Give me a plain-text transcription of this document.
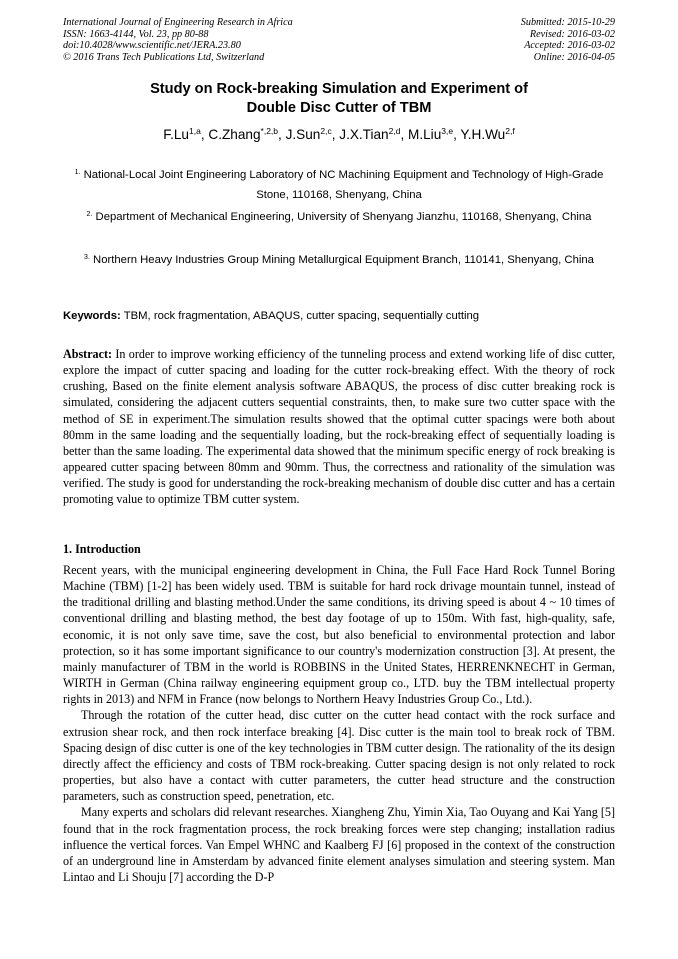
International Journal of Engineering Research in Africa
ISSN: 1663-4144, Vol. 23, pp 80-88
doi:10.4028/www.scientific.net/JERA.23.80
© 2016 Trans Tech Publications Ltd, Switzerland
Submitted: 2015-10-29
Revised: 2016-03-02
Accepted: 2016-03-02
Online: 2016-04-05
Study on Rock-breaking Simulation and Experiment of
Double Disc Cutter of TBM
F.Lu$^{1,a}$, C.Zhang$^{*,2,b}$, J.Sun$^{2,c}$, J.X.Tian$^{2,d}$, M.Liu$^{3,e}$, Y.H.Wu$^{2,f}$
$^{1.}$ National-Local Joint Engineering Laboratory of NC Machining Equipment and Technology of High-Grade Stone, 110168, Shenyang, China
$^{2.}$ Department of Mechanical Engineering, University of Shenyang Jianzhu, 110168, Shenyang, China
$^{3.}$ Northern Heavy Industries Group Mining Metallurgical Equipment Branch, 110141, Shenyang, China
Keywords: TBM, rock fragmentation, ABAQUS, cutter spacing, sequentially cutting
Abstract: In order to improve working efficiency of the tunneling process and extend working life of disc cutter, explore the impact of cutter spacing and loading for the cutter rock-breaking effect. With the theory of rock crushing, Based on the finite element analysis software ABAQUS, the process of disc cutter breaking rock is simulated, considering the adjacent cutters sequential constraints, then, to make sure two cutter space with the method of SE in experiment.The simulation results showed that the optimal cutter spacings were both about 80mm in the same loading and the sequentially loading, but the rock-breaking effect of sequentially loading is better than the same loading. The experimental data showed that the minimum specific energy of rock breaking is appeared cutter spacing between 80mm and 90mm. Thus, the correctness and rationality of the simulation was verified. The study is good for understanding the rock-breaking mechanism of double disc cutter and has a certain promoting value to optimize TBM cutter system.
1. Introduction

Recent years, with the municipal engineering development in China, the Full Face Hard Rock Tunnel Boring Machine (TBM) [1-2] has been widely used. TBM is suitable for hard rock drivage mountain tunnel, instead of the traditional drilling and blasting method.Under the same conditions, its driving speed is about 4 ~ 10 times of conventional drilling and blasting method, the best day footage of up to 150m. With fast, high-quality, safe, economic, it is not only save time, save the cost, but also beneficial to environmental protection and labor protection, so it has some important significance to our country's modernization construction [3]. At present, the mainly manufacturer of TBM in the world is ROBBINS in the United States, HERRENKNECHT in German, WIRTH in German (China railway engineering equipment group co., LTD. buy the TBM intellectual property rights in 2013) and NFM in France (now belongs to Northern Heavy Industries Group Co., Ltd.).

Through the rotation of the cutter head, disc cutter on the cutter head contact with the rock surface and extrusion shear rock, and then rock interface breaking [4]. Disc cutter is the main tool to break rock of TBM. Spacing design of disc cutter is one of the key technologies in TBM cutter design. The rationality of the its design directly affect the efficiency and costs of TBM rock-breaking. Cutter spacing design is not only related to rock properties, but also have a contact with cutter parameters, the cutter head structure and the construction parameters, such as construction speed, penetration, etc.

Many experts and scholars did relevant researches. Xiangheng Zhu, Yimin Xia, Tao Ouyang and Kai Yang [5] found that in the rock fragmentation process, the rock breaking forces were step changing; installation radius influence the vertical forces. Van Empel WHNC and Kaalberg FJ [6] proposed in the context of the construction of an underground line in Amsterdam by advanced finite element analyses simulation and steering system. Man Lintao and Li Shouju [7] according the D-P
